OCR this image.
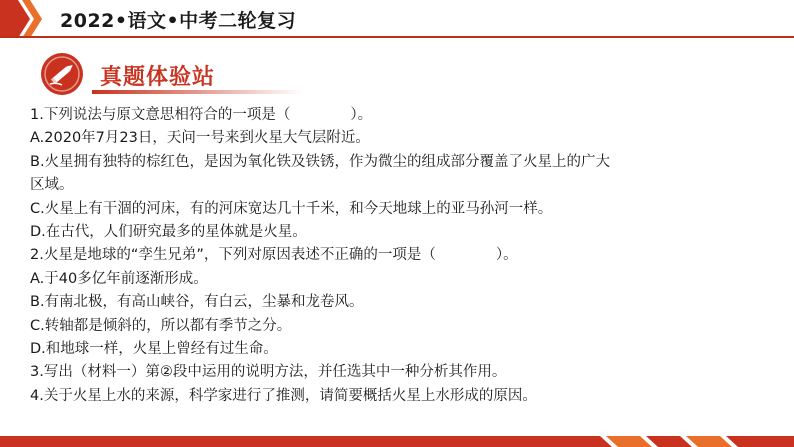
2022•语文•中考二轮复习
真题体验站
1.下列说法与原文意思相符合的一项是（	）。
A.2020年7月23日，天问一号来到火星大气层附近。
B.火星拥有独特的棕红色，是因为氧化铁及铁锈，作为微尘的组成部分覆盖了火星上的广大
区域。
C.火星上有干涸的河床，有的河床宽达几十千米，和今天地球上的亚马孙河一样。
D.在古代，人们研究最多的星体就是火星。
2.火星是地球的“孪生兄弟”，下列对原因表述不正确的一项是（	）。
A.于40多亿年前逐渐形成。
B.有南北极，有高山峡谷，有白云，尘暴和龙卷风。
C.转轴都是倾斜的，所以都有季节之分。
D.和地球一样，火星上曾经有过生命。
3.写出（材料一）第②段中运用的说明方法，并任选其中一种分析其作用。
4.关于火星上水的来源，科学家进行了推测，请简要概括火星上水形成的原因。
